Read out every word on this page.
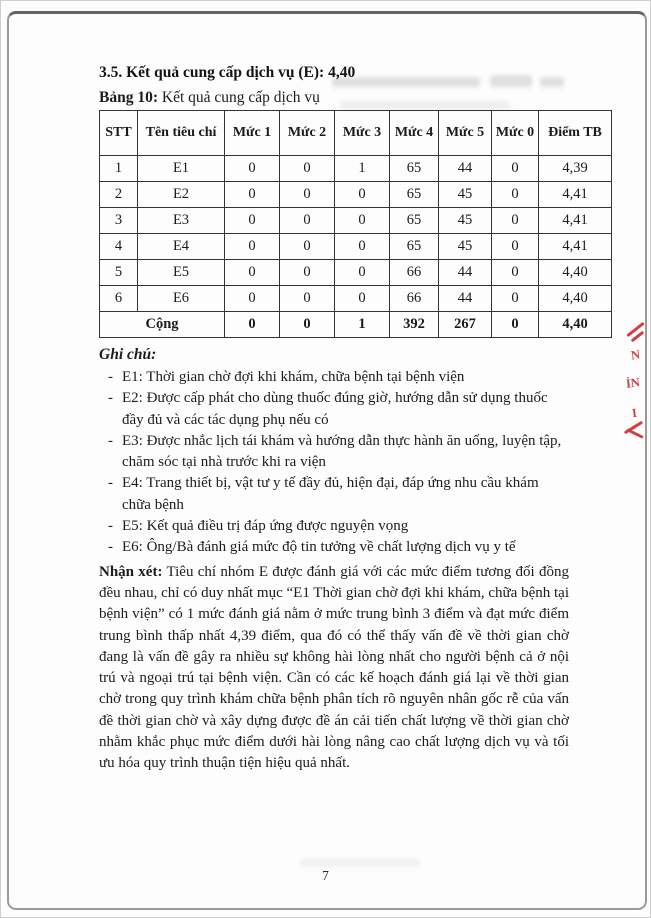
3.5. Kết quả cung cấp dịch vụ (E): 4,40

Bảng 10: Kết quả cung cấp dịch vụ

STT	Tên tiêu chí	Mức 1	Mức 2	Mức 3	Mức 4	Mức 5	Mức 0	Điểm TB
1	E1	0	0	1	65	44	0	4,39
2	E2	0	0	0	65	45	0	4,41
3	E3	0	0	0	65	45	0	4,41
4	E4	0	0	0	65	45	0	4,41
5	E5	0	0	0	66	44	0	4,40
6	E6	0	0	0	66	44	0	4,40
Cộng		0	0	1	392	267	0	4,40

Ghi chú:

- E1: Thời gian chờ đợi khi khám, chữa bệnh tại bệnh viện
- E2: Được cấp phát cho dùng thuốc đúng giờ, hướng dẫn sử dụng thuốc đầy đủ và các tác dụng phụ nếu có
- E3: Được nhắc lịch tái khám và hướng dẫn thực hành ăn uống, luyện tập, chăm sóc tại nhà trước khi ra viện
- E4: Trang thiết bị, vật tư y tế đầy đủ, hiện đại, đáp ứng nhu cầu khám chữa bệnh
- E5: Kết quả điều trị đáp ứng được nguyện vọng
- E6: Ông/Bà đánh giá mức độ tin tưởng về chất lượng dịch vụ y tế

Nhận xét: Tiêu chí nhóm E được đánh giá với các mức điểm tương đối đồng đều nhau, chỉ có duy nhất mục “E1 Thời gian chờ đợi khi khám, chữa bệnh tại bệnh viện” có 1 mức đánh giá nằm ở mức trung bình 3 điểm và đạt mức điểm trung bình thấp nhất 4,39 điểm, qua đó có thể thấy vấn đề về thời gian chờ đang là vấn đề gây ra nhiều sự không hài lòng nhất cho người bệnh cả ở nội trú và ngoại trú tại bệnh viện. Cần có các kế hoạch đánh giá lại về thời gian chờ trong quy trình khám chữa bệnh phân tích rõ nguyên nhân gốc rễ của vấn đề thời gian chờ và xây dựng được đề án cải tiến chất lượng về thời gian chờ nhằm khắc phục mức điểm dưới hài lòng nâng cao chất lượng dịch vụ và tối ưu hóa quy trình thuận tiện hiệu quả nhất.

N
ỈN
I
7
